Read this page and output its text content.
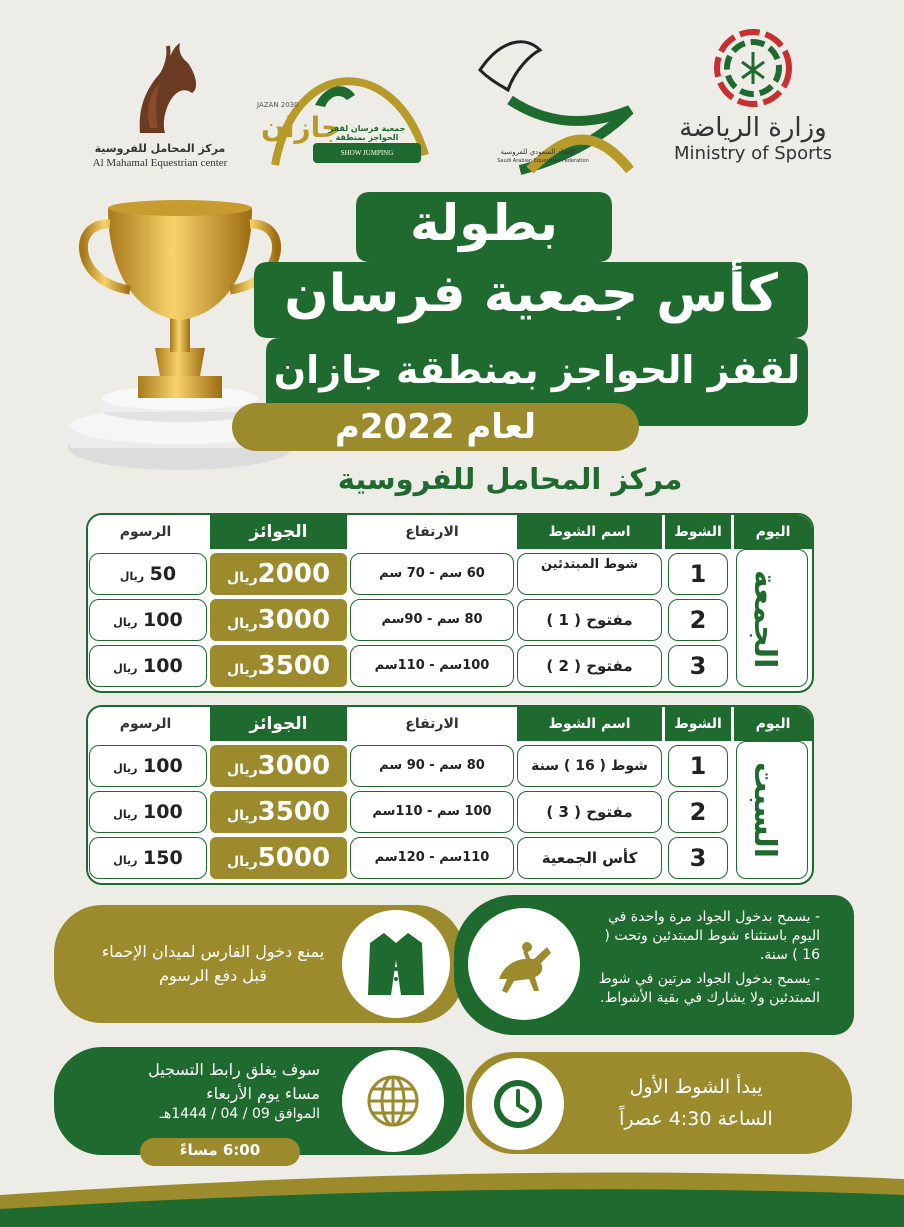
مركز المحامل للفروسية
Al Mahamal Equestrian center
جازان
JAZAN 2030
جمعية فرسان لقفز الحواجز بمنطقة
SHOW JUMPING	الاتحاد السعودي للفروسية
Saudi Arabian Equestrian Federation
وزارة الرياضة
Ministry of Sports
بطولة
كأس جمعية فرسان
لقفز الحواجز بمنطقة جازان
لعام 2022م
مركز المحامل للفروسية
اليوم
الشوط
اسم الشوط
الارتفاع
الجوائز
الرسوم
الجمعة
1
2
3
شوط المبتدئين
مفتوح ( 1 )
مفتوح ( 2 )
60 سم - 70 سم
80 سم - 90سم
100سم - 110سم
2000ريال
3000ريال
3500ريال
50 ريال
100 ريال
100 ريال
اليوم
الشوط
اسم الشوط
الارتفاع
الجوائز
الرسوم
السبت
1
2
3
شوط ( 16 ) سنة
مفتوح ( 3 )
كأس الجمعية
80 سم - 90 سم
100 سم - 110سم
110سم - 120سم
3000ريال
3500ريال
5000ريال
100 ريال
100 ريال
150 ريال
يمنع دخول الفارس لميدان الإحماء قبل دفع الرسوم
- يسمح بدخول الجواد مرة واحدة في اليوم باستثناء شوط المبتدئين وتحت ( 16 ) سنة.
- يسمح بدخول الجواد مرتين في شوط المبتدئين ولا يشارك في بقية الأشواط.
سوف يغلق رابط التسجيل
مساء يوم الأربعاء
الموافق 09 / 04 / 1444هـ
6:00 مساءً
يبدأ الشوط الأول
الساعة 4:30 عصراً
